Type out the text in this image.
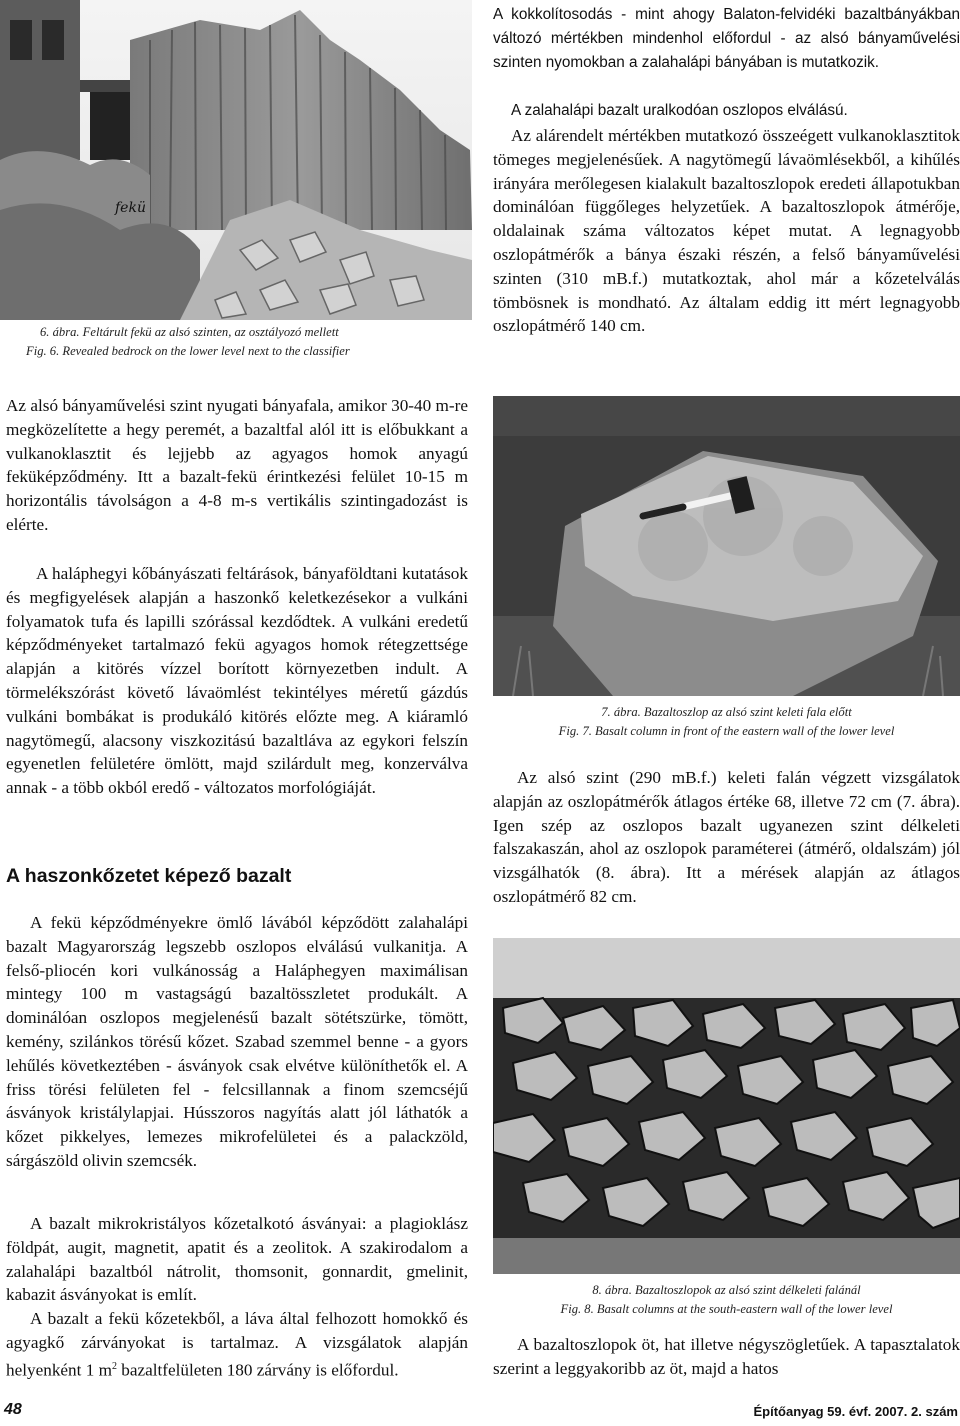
fekü
6. ábra. Feltárult fekü az alsó szinten, az osztályozó mellett
Fig. 6. Revealed bedrock on the lower level next to the classifier

Az alsó bányaművelési szint nyugati bányafala, amikor 30-40 m-re megközelítette a hegy peremét, a bazaltfal alól itt is előbukkant a vulkanoklasztit és lejjebb az agyagos homok anyagú feküképződmény. Itt a bazalt-fekü érintkezési felület 10-15 m horizontális távolságon a 4-8 m-s vertikális szintingadozást is elérte.

A haláphegyi kőbányászati feltárások, bányaföldtani kutatások és megfigyelések alapján a haszonkő keletkezésekor a vulkáni folyamatok tufa és lapilli szórással kezdődtek. A vulkáni eredetű képződményeket tartalmazó fekü agyagos homok rétegzettsége alapján a kitörés vízzel borított környezetben indult. A törmelékszórást követő lávaömlést tekintélyes méretű gázdús vulkáni bombákat is produkáló kitörés előzte meg. A kiáramló nagytömegű, alacsony viszkozitású bazaltláva az egykori felszín egyenetlen felületére ömlött, majd szilárdult meg, konzerválva annak - a több okból eredő - változatos morfológiáját.

A haszonkőzetet képező bazalt

A fekü képződményekre ömlő lávából képződött zalahalápi bazalt Magyarország legszebb oszlopos elválású vulkanitja. A felső-pliocén kori vulkánosság a Haláphegyen maximálisan mintegy 100 m vastagságú bazaltösszletet produkált. A dominálóan oszlopos megjelenésű bazalt sötétszürke, tömött, kemény, szilánkos törésű kőzet. Szabad szemmel benne - a gyors lehűlés következtében - ásványok csak elvétve különíthetők el. A friss törési felületen fel - felcsillannak a finom szemcséjű ásványok kristálylapjai. Hússzoros nagyítás alatt jól láthatók a kőzet pikkelyes, lemezes mikrofelületei és a palackzöld, sárgászöld olivin szemcsék.

A bazalt mikrokristályos kőzetalkotó ásványai: a plagioklász földpát, augit, magnetit, apatit és a zeolitok. A szakirodalom a zalahalápi bazaltból nátrolit, thomsonit, gonnardit, gmelinit, kabazit ásványokat is említ.

A bazalt a fekü kőzetekből, a láva által felhozott homokkő és agyagkő zárványokat is tartalmaz. A vizsgálatok alapján helyenként 1 $m^2$ bazaltfelületen 180 zárvány is előfordul.

A kokkolítosodás - mint ahogy Balaton-felvidéki bazaltbányákban változó mértékben mindenhol előfordul - az alsó bányaművelési szinten nyomokban a zalahalápi bányában is mutatkozik.

A zalahalápi bazalt uralkodóan oszlopos elválású.

Az alárendelt mértékben mutatkozó összeégett vulkanoklasztitok tömeges megjelenésűek. A nagytömegű lávaömlésekből, a kihűlés irányára merőlegesen kialakult bazaltoszlopok eredeti állapotukban dominálóan függőleges helyzetűek. A bazaltoszlopok átmérője, oldalainak száma változatos képet mutat. A legnagyobb oszlopátmérők a bánya északi részén, a felső bányaművelési szinten (310 mB.f.) mutatkoztak, ahol már a kőzetelválás tömbösnek is mondható. Az általam eddig itt mért legnagyobb oszlopátmérő 140 cm.

7. ábra. Bazaltoszlop az alsó szint keleti fala előtt
Fig. 7. Basalt column in front of the eastern wall of the lower level

Az alsó szint (290 mB.f.) keleti falán végzett vizsgálatok alapján az oszlopátmérők átlagos értéke 68, illetve 72 cm (7. ábra). Igen szép az oszlopos bazalt ugyanezen szint délkeleti falszakaszán, ahol az oszlopok paraméterei (átmérő, oldalszám) jól vizsgálhatók (8. ábra). Itt a mérések alapján az átlagos oszlopátmérő 82 cm.

8. ábra. Bazaltoszlopok az alsó szint délkeleti falánál
Fig. 8. Basalt columns at the south-eastern wall of the lower level

A bazaltoszlopok öt, hat illetve négyszögletűek. A tapasztalatok szerint a leggyakoribb az öt, majd a hatos

48	Építőanyag 59. évf. 2007. 2. szám
